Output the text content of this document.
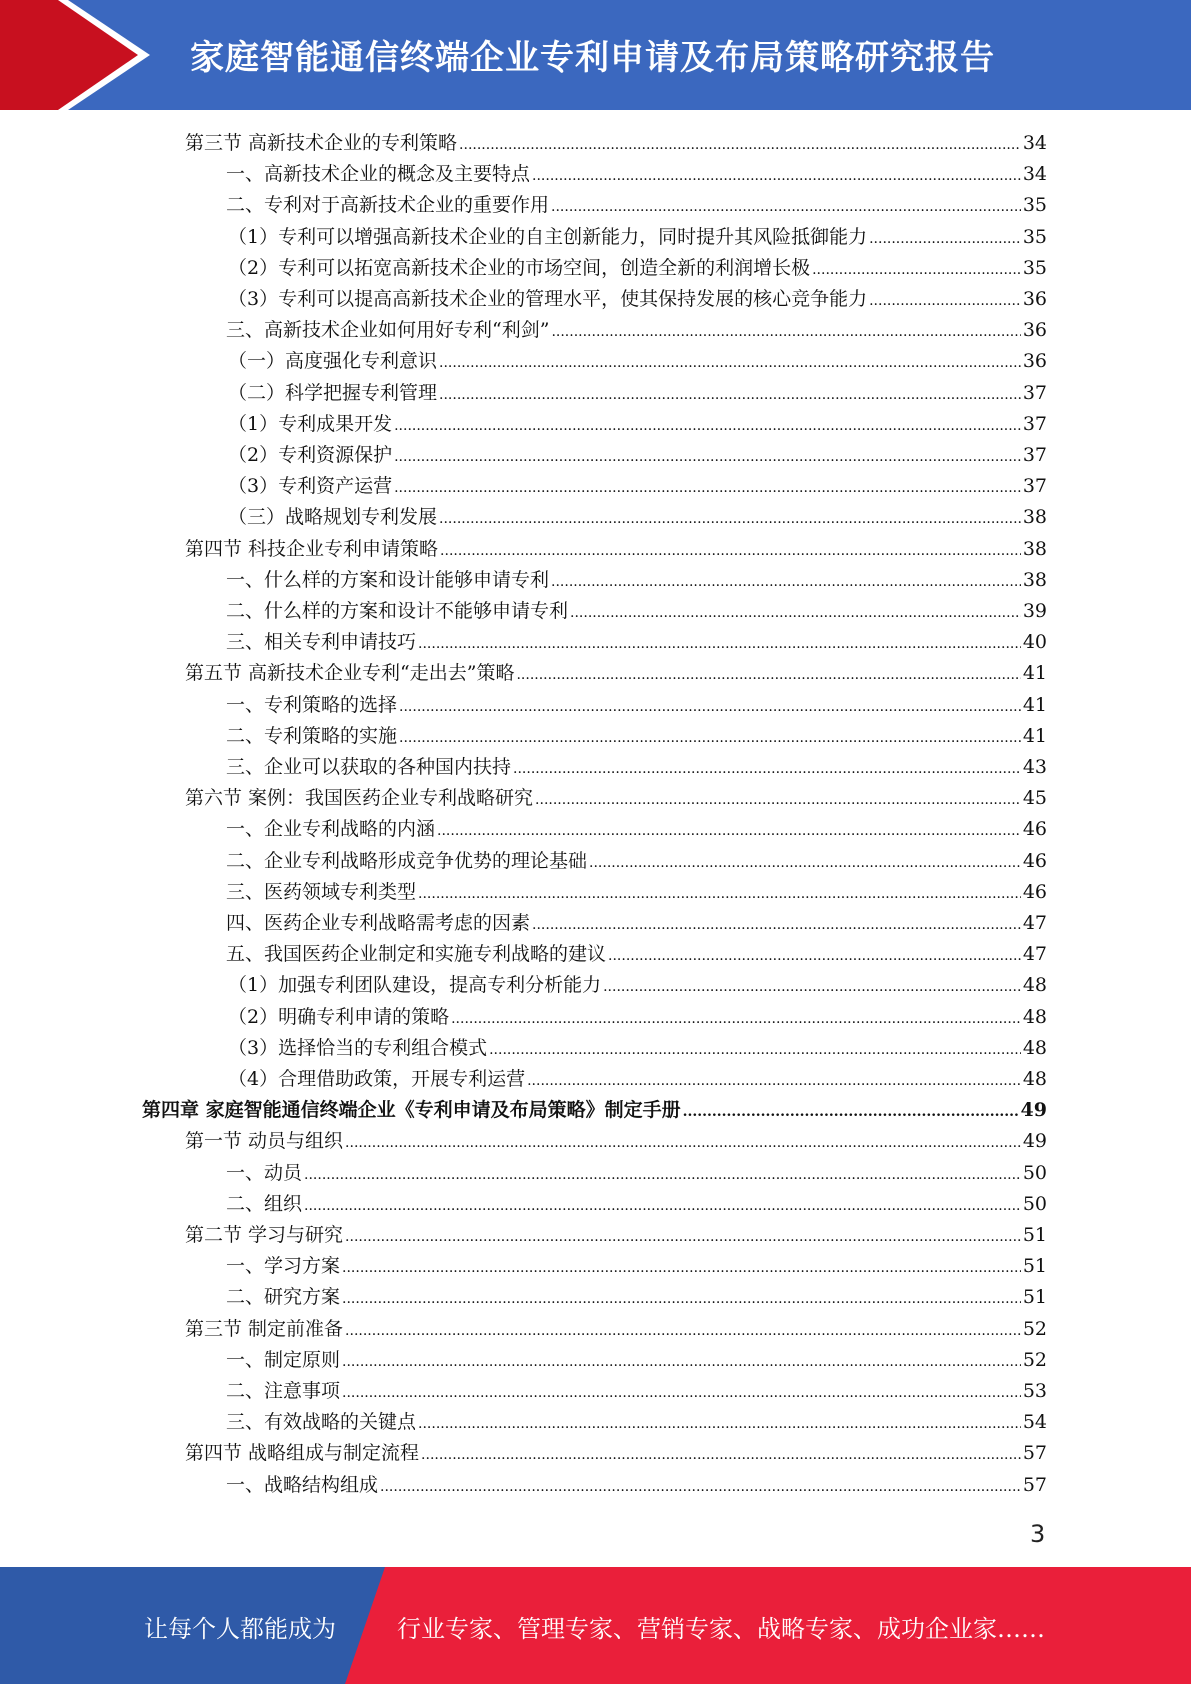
家庭智能通信终端企业专利申请及布局策略研究报告
第三节 高新技术企业的专利策略 .....	34
一、高新技术企业的概念及主要特点 .....	34
二、专利对于高新技术企业的重要作用 .....	35
（1）专利可以增强高新技术企业的自主创新能力，同时提升其风险抵御能力 .....	35
（2）专利可以拓宽高新技术企业的市场空间，创造全新的利润增长极 .....	35
（3）专利可以提高高新技术企业的管理水平，使其保持发展的核心竞争能力 .....	36
三、高新技术企业如何用好专利“利剑” .....	36
（一）高度强化专利意识 .....	36
（二）科学把握专利管理 .....	37
（1）专利成果开发 .....	37
（2）专利资源保护 .....	37
（3）专利资产运营 .....	37
（三）战略规划专利发展 .....	38
第四节 科技企业专利申请策略 .....	38
一、什么样的方案和设计能够申请专利 .....	38
二、什么样的方案和设计不能够申请专利 .....	39
三、相关专利申请技巧 .....	40
第五节 高新技术企业专利“走出去”策略 .....	41
一、专利策略的选择 .....	41
二、专利策略的实施 .....	41
三、企业可以获取的各种国内扶持 .....	43
第六节 案例：我国医药企业专利战略研究 .....	45
一、企业专利战略的内涵 .....	46
二、企业专利战略形成竞争优势的理论基础 .....	46
三、医药领域专利类型 .....	46
四、医药企业专利战略需考虑的因素 .....	47
五、我国医药企业制定和实施专利战略的建议 .....	47
（1）加强专利团队建设，提高专利分析能力 .....	48
（2）明确专利申请的策略 .....	48
（3）选择恰当的专利组合模式 .....	48
（4）合理借助政策，开展专利运营 .....	48
第四章 家庭智能通信终端企业《专利申请及布局策略》制定手册 .....	49
第一节 动员与组织 .....	49
一、动员 .....	50
二、组织 .....	50
第二节 学习与研究 .....	51
一、学习方案 .....	51
二、研究方案 .....	51
第三节 制定前准备 .....	52
一、制定原则 .....	52
二、注意事项 .....	53
三、有效战略的关键点 .....	54
第四节 战略组成与制定流程 .....	57
一、战略结构组成 .....	57
3
让每个人都能成为	行业专家、管理专家、营销专家、战略专家、成功企业家……
